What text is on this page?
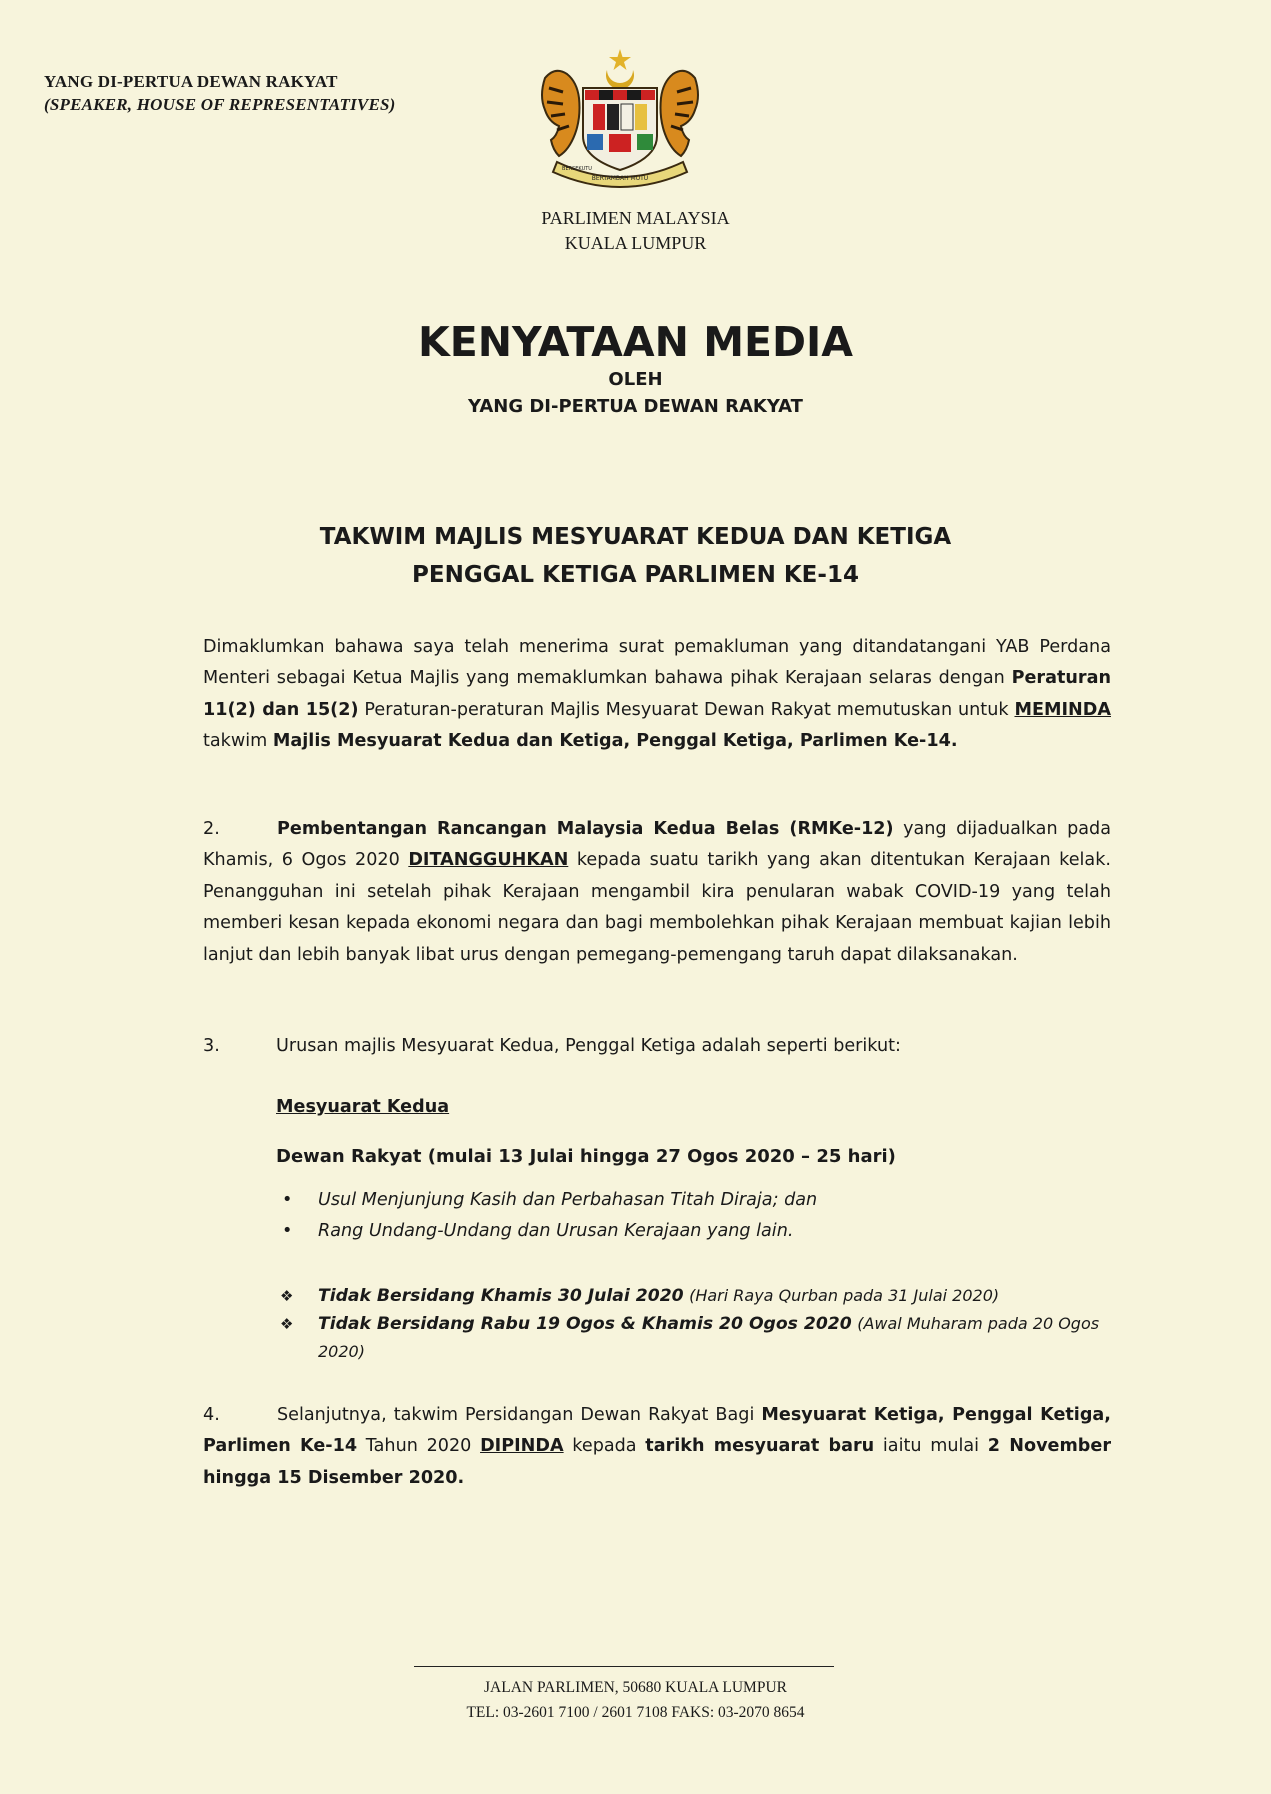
YANG DI-PERTUA DEWAN RAKYAT
(SPEAKER, HOUSE OF REPRESENTATIVES)
BERTAMBAH MUTU
BERSEKUTU
PARLIMEN MALAYSIA
KUALA LUMPUR
KENYATAAN MEDIA
OLEH
YANG DI-PERTUA DEWAN RAKYAT
TAKWIM MAJLIS MESYUARAT KEDUA DAN KETIGA
PENGGAL KETIGA PARLIMEN KE-14
Dimaklumkan bahawa saya telah menerima surat pemakluman yang ditandatangani YAB Perdana Menteri sebagai Ketua Majlis yang memaklumkan bahawa pihak Kerajaan selaras dengan Peraturan 11(2) dan 15(2) Peraturan-peraturan Majlis Mesyuarat Dewan Rakyat memutuskan untuk MEMINDA takwim Majlis Mesyuarat Kedua dan Ketiga, Penggal Ketiga, Parlimen Ke-14.
2.	Pembentangan Rancangan Malaysia Kedua Belas (RMKe-12) yang dijadualkan pada Khamis, 6 Ogos 2020 DITANGGUHKAN kepada suatu tarikh yang akan ditentukan Kerajaan kelak. Penangguhan ini setelah pihak Kerajaan mengambil kira penularan wabak COVID-19 yang telah memberi kesan kepada ekonomi negara dan bagi membolehkan pihak Kerajaan membuat kajian lebih lanjut dan lebih banyak libat urus dengan pemegang-pemengang taruh dapat dilaksanakan.
3.	Urusan majlis Mesyuarat Kedua, Penggal Ketiga adalah seperti berikut:
Mesyuarat Kedua
Dewan Rakyat (mulai 13 Julai hingga 27 Ogos 2020 – 25 hari)
• Usul Menjunjung Kasih dan Perbahasan Titah Diraja; dan
• Rang Undang-Undang dan Urusan Kerajaan yang lain.
❖ Tidak Bersidang Khamis 30 Julai 2020 (Hari Raya Qurban pada 31 Julai 2020)
❖ Tidak Bersidang Rabu 19 Ogos & Khamis 20 Ogos 2020 (Awal Muharam pada 20 Ogos 2020)
4.	Selanjutnya, takwim Persidangan Dewan Rakyat Bagi Mesyuarat Ketiga, Penggal Ketiga, Parlimen Ke-14 Tahun 2020 DIPINDA kepada tarikh mesyuarat baru iaitu mulai 2 November hingga 15 Disember 2020.
JALAN PARLIMEN, 50680 KUALA LUMPUR
TEL: 03-2601 7100 / 2601 7108 FAKS: 03-2070 8654
